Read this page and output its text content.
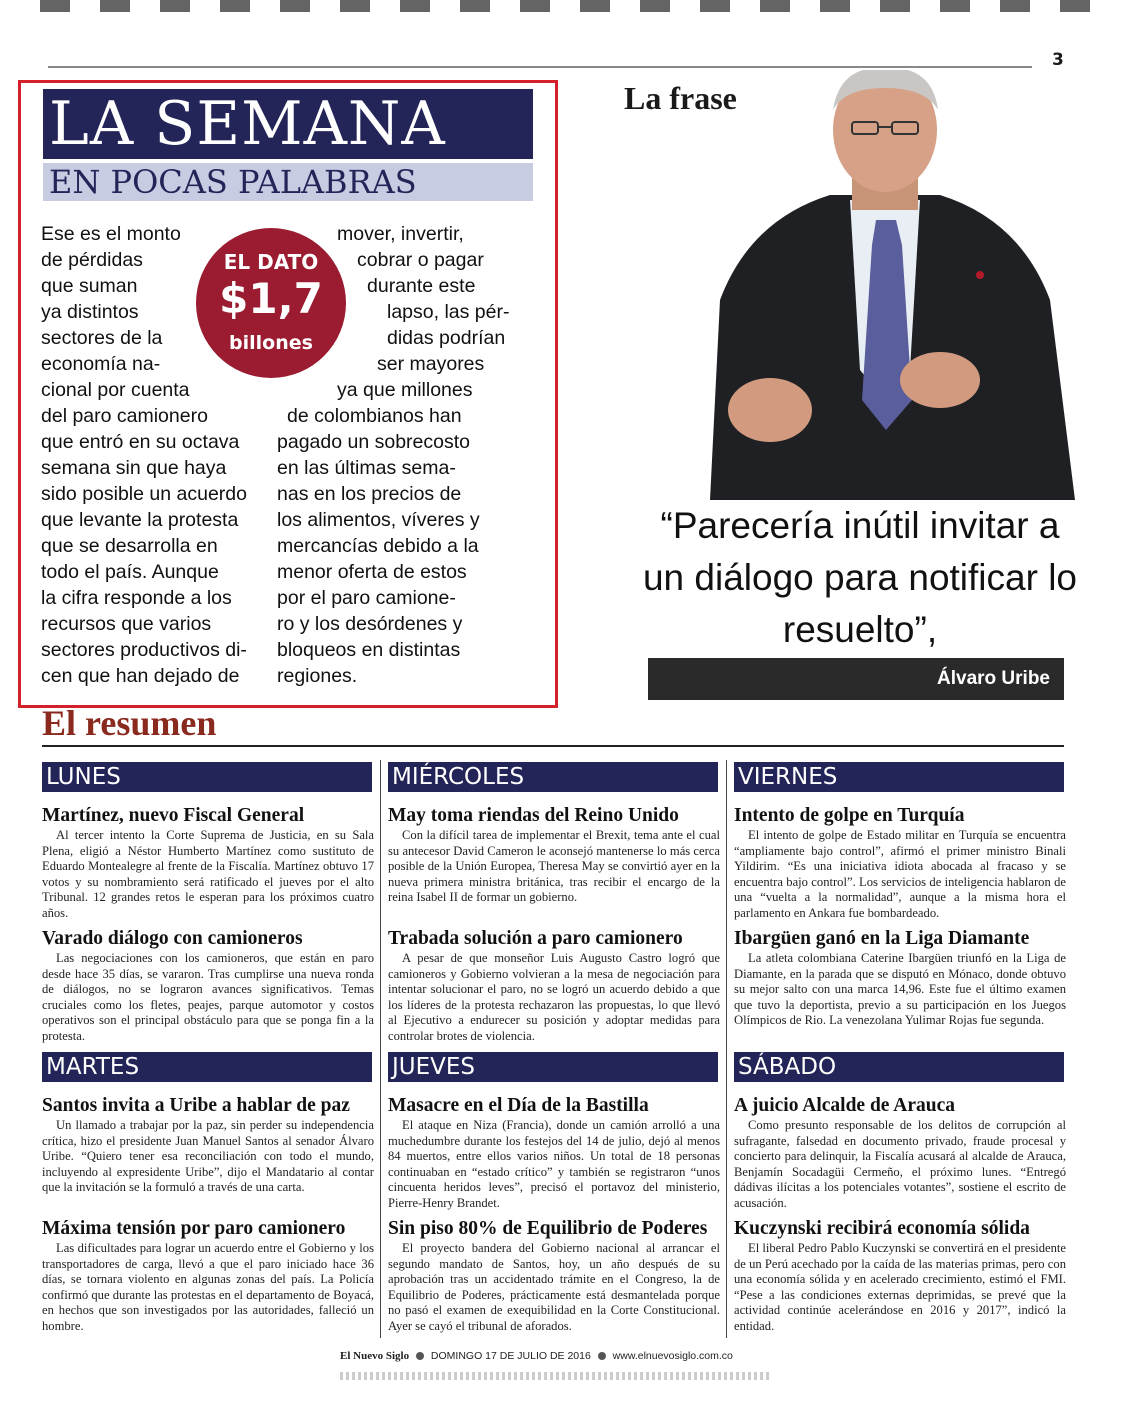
3
LA SEMANA
EN POCAS PALABRAS
Ese es el monto
de pérdidas
que suman
ya distintos
sectores de la
economía na-
cional por cuenta
del paro camionero
que entró en su octava
semana sin que haya
sido posible un acuerdo
que levante la protesta
que se desarrolla en
todo el país. Aunque
la cifra responde a los
recursos que varios
sectores productivos di-
cen que han dejado de
mover, invertir,
cobrar o pagar
durante este
lapso, las pér-
didas podrían
ser mayores
ya que millones
de colombianos han
pagado un sobrecosto
en las últimas sema-
nas en los precios de
los alimentos, víveres y
mercancías debido a la
menor oferta de estos
por el paro camione-
ro y los desórdenes y
bloqueos en distintas
regiones.
EL DATO
$1,7
billones
La frase
“Parecería inútil invitar a un diálogo para notificar lo resuelto”,
Álvaro Uribe
El resumen
LUNES
Martínez, nuevo Fiscal General
Al tercer intento la Corte Suprema de Justicia, en su Sala Plena, eligió a Néstor Humberto Martínez como sustituto de Eduardo Montealegre al frente de la Fiscalía. Martínez obtuvo 17 votos y su nombramiento será ratificado el jueves por el alto Tribunal. 12 grandes retos le esperan para los próximos cuatro años.
Varado diálogo con camioneros
Las negociaciones con los camioneros, que están en paro desde hace 35 días, se vararon. Tras cumplirse una nueva ronda de diálogos, no se lograron avances significativos. Temas cruciales como los fletes, peajes, parque automotor y costos operativos son el principal obstáculo para que se ponga fin a la protesta.
MARTES
Santos invita a Uribe a hablar de paz
Un llamado a trabajar por la paz, sin perder su independencia crítica, hizo el presidente Juan Manuel Santos al senador Álvaro Uribe. “Quiero tener esa reconciliación con todo el mundo, incluyendo al expresidente Uribe”, dijo el Mandatario al contar que la invitación se la formuló a través de una carta.
Máxima tensión por paro camionero
Las dificultades para lograr un acuerdo entre el Gobierno y los transportadores de carga, llevó a que el paro iniciado hace 36 días, se tornara violento en algunas zonas del país. La Policía confirmó que durante las protestas en el departamento de Boyacá, en hechos que son investigados por las autoridades, falleció un hombre.
MIÉRCOLES
May toma riendas del Reino Unido
Con la difícil tarea de implementar el Brexit, tema ante el cual su antecesor David Cameron le aconsejó mantenerse lo más cerca posible de la Unión Europea, Theresa May se convirtió ayer en la nueva primera ministra británica, tras recibir el encargo de la reina Isabel II de formar un gobierno.
Trabada solución a paro camionero
A pesar de que monseñor Luis Augusto Castro logró que camioneros y Gobierno volvieran a la mesa de negociación para intentar solucionar el paro, no se logró un acuerdo debido a que los líderes de la protesta rechazaron las propuestas, lo que llevó al Ejecutivo a endurecer su posición y adoptar medidas para controlar brotes de violencia.
JUEVES
Masacre en el Día de la Bastilla
El ataque en Niza (Francia), donde un camión arrolló a una muchedumbre durante los festejos del 14 de julio, dejó al menos 84 muertos, entre ellos varios niños. Un total de 18 personas continuaban en “estado crítico” y también se registraron “unos cincuenta heridos leves”, precisó el portavoz del ministerio, Pierre-Henry Brandet.
Sin piso 80% de Equilibrio de Poderes
El proyecto bandera del Gobierno nacional al arrancar el segundo mandato de Santos, hoy, un año después de su aprobación tras un accidentado trámite en el Congreso, la de Equilibrio de Poderes, prácticamente está desmantelada porque no pasó el examen de exequibilidad en la Corte Constitucional. Ayer se cayó el tribunal de aforados.
VIERNES
Intento de golpe en Turquía
El intento de golpe de Estado militar en Turquía se encuentra “ampliamente bajo control”, afirmó el primer ministro Binali Yildirim. “Es una iniciativa idiota abocada al fracaso y se encuentra bajo control”. Los servicios de inteligencia hablaron de una “vuelta a la normalidad”, aunque a la misma hora el parlamento en Ankara fue bombardeado.
Ibargüen ganó en la Liga Diamante
La atleta colombiana Caterine Ibargüen triunfó en la Liga de Diamante, en la parada que se disputó en Mónaco, donde obtuvo su mejor salto con una marca 14,96. Este fue el último examen que tuvo la deportista, previo a su participación en los Juegos Olímpicos de Rio. La venezolana Yulimar Rojas fue segunda.
SÁBADO
A juicio Alcalde de Arauca
Como presunto responsable de los delitos de corrupción al sufragante, falsedad en documento privado, fraude procesal y concierto para delinquir, la Fiscalía acusará al alcalde de Arauca, Benjamín Socadagüi Cermeño, el próximo lunes. “Entregó dádivas ilícitas a los potenciales votantes”, sostiene el escrito de acusación.
Kuczynski recibirá economía sólida
El liberal Pedro Pablo Kuczynski se convertirá en el presidente de un Perú acechado por la caída de las materias primas, pero con una economía sólida y en acelerado crecimiento, estimó el FMI. “Pese a las condiciones externas deprimidas, se prevé que la actividad continúe acelerándose en 2016 y 2017”, indicó la entidad.
El Nuevo Siglo DOMINGO 17 DE JULIO DE 2016 www.elnuevosiglo.com.co
